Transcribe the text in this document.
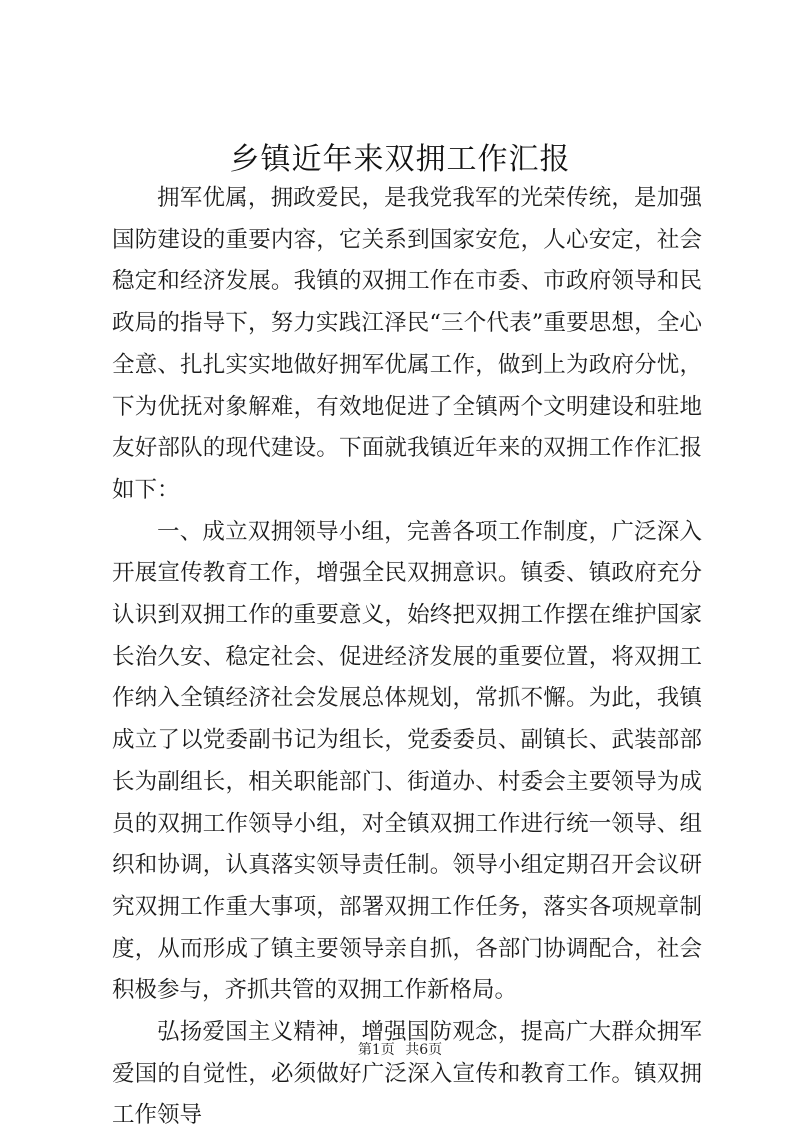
乡镇近年来双拥工作汇报

拥军优属，拥政爱民，是我党我军的光荣传统，是加强国防建设的重要内容，它关系到国家安危，人心安定，社会稳定和经济发展。我镇的双拥工作在市委、市政府领导和民政局的指导下，努力实践江泽民“三个代表”重要思想，全心全意、扎扎实实地做好拥军优属工作，做到上为政府分忧，下为优抚对象解难，有效地促进了全镇两个文明建设和驻地友好部队的现代建设。下面就我镇近年来的双拥工作作汇报如下：

一、成立双拥领导小组，完善各项工作制度，广泛深入开展宣传教育工作，增强全民双拥意识。镇委、镇政府充分认识到双拥工作的重要意义，始终把双拥工作摆在维护国家长治久安、稳定社会、促进经济发展的重要位置，将双拥工作纳入全镇经济社会发展总体规划，常抓不懈。为此，我镇成立了以党委副书记为组长，党委委员、副镇长、武装部部长为副组长，相关职能部门、街道办、村委会主要领导为成员的双拥工作领导小组，对全镇双拥工作进行统一领导、组织和协调，认真落实领导责任制。领导小组定期召开会议研究双拥工作重大事项，部署双拥工作任务，落实各项规章制度，从而形成了镇主要领导亲自抓，各部门协调配合，社会积极参与，齐抓共管的双拥工作新格局。

弘扬爱国主义精神，增强国防观念，提高广大群众拥军爱国的自觉性，必须做好广泛深入宣传和教育工作。镇双拥工作领导

第1页 共6页
